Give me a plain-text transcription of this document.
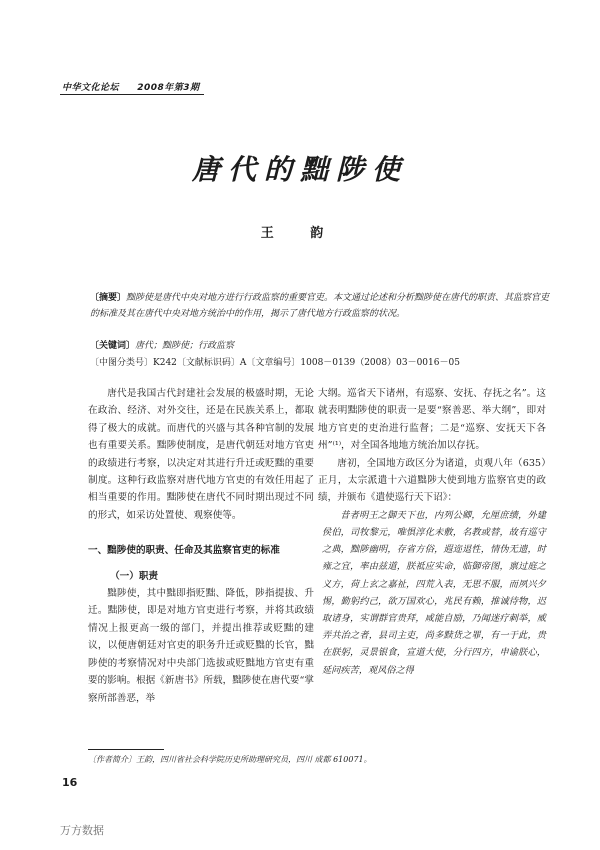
中华文化论坛 2008年第3期
唐代的黜陟使
王 韵
〔摘要〕黜陟使是唐代中央对地方进行行政监察的重要官吏。本文通过论述和分析黜陟使在唐代的职责、其监察官吏的标准及其在唐代中央对地方统治中的作用，揭示了唐代地方行政监察的状况。
〔关键词〕唐代；黜陟使；行政监察
〔中图分类号〕K242〔文献标识码〕A〔文章编号〕1008－0139（2008）03－0016－05

唐代是我国古代封建社会发展的极盛时期，无论在政治、经济、对外交往，还是在民族关系上，都取得了极大的成就。而唐代的兴盛与其各种官制的发展也有重要关系。黜陟使制度，是唐代朝廷对地方官吏的政绩进行考察，以决定对其进行升迁或贬黜的重要制度。这种行政监察对唐代地方官吏的有效任用起了相当重要的作用。黜陟使在唐代不同时期出现过不同的形式，如采访处置使、观察使等。

一、黜陟使的职责、任命及其监察官吏的标准

（一）职责

黜陟使，其中黜即指贬黜、降低，陟指提拔、升迁。黜陟使，即是对地方官吏进行考察，并将其政绩情况上报更高一级的部门，并提出推荐或贬黜的建议，以便唐朝廷对官吏的职务升迁或贬黜的长官，黜陟使的考察情况对中央部门选拔或贬黜地方官吏有重要的影响。根据《新唐书》所载，黜陟使在唐代要“掌察所部善恶，举

大纲。巡省天下诸州，有巡察、安抚、存抚之名”。这就表明黜陟使的职责一是要“察善恶、举大纲”，即对地方官吏的吏治进行监督；二是“巡察、安抚天下各州”⁽¹⁾，对全国各地地方统治加以存抚。

唐初，全国地方政区分为诸道，贞观八年（635）正月，太宗派遣十六道黜陟大使到地方监察官吏的政绩，并颁布《遣使巡行天下诏》：

昔者明王之御天下也，内列公卿，允厘庶绩，外建侯伯，司牧黎元，唯惧淳化未敷，名教或替，故有巡守之典，黜陟幽明，存省方俗，遐迩退性，情伪无遗，时雍之宜，率由兹道，朕祗应实命，临御帝图，禀过庭之义方，荷上玄之嘉祉，四荒入表，无思不服，而夙兴夕惕，勤躬约己，欲万国欢心，兆民有赖，推诚待物，迟取诸身，实谓群官贵拜，咸能自励，乃闻迷疗刺举，威弄共治之者，县司主吏，尚多黩货之罪，有一于此，贵在朕躬，灵景银食，宣道大使，分行四方，申谕朕心，延问疾苦，观风俗之得

〔作者简介〕王韵，四川省社会科学院历史所助理研究员，四川 成都 610071。
16
万方数据
